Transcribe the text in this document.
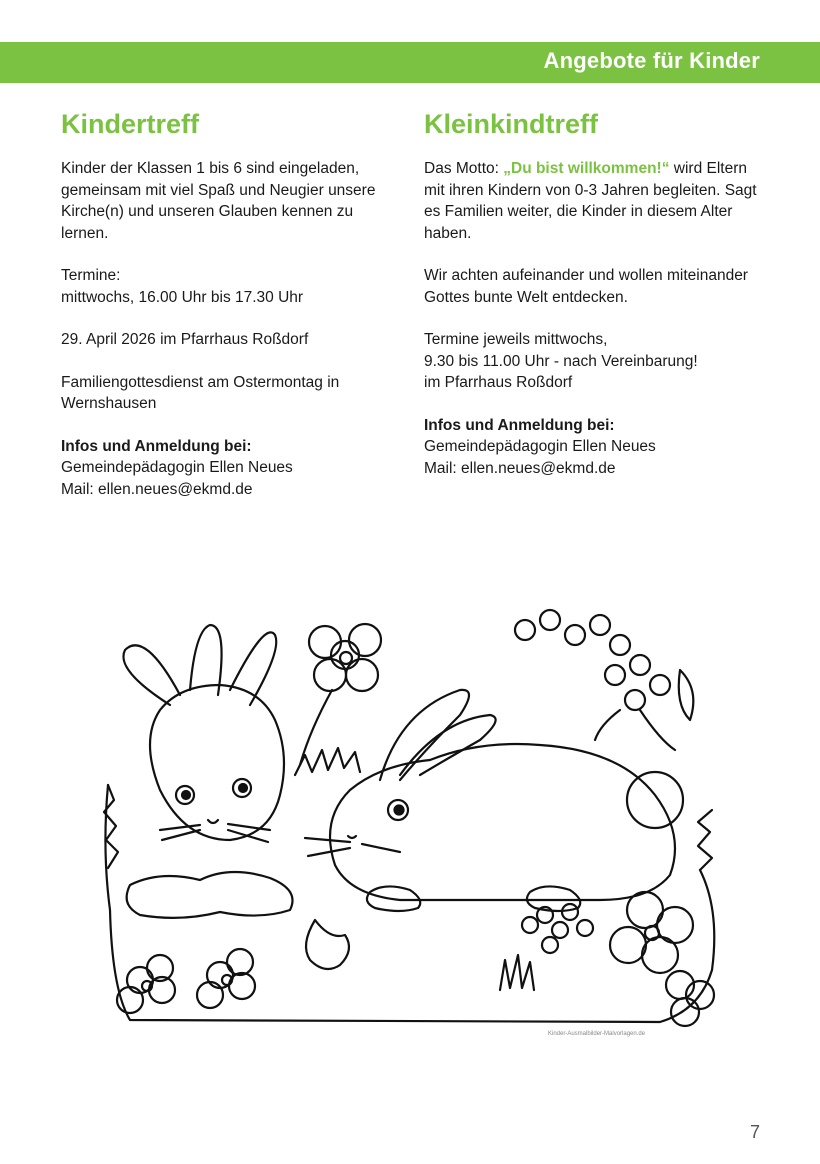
Angebote für Kinder
Kindertreff
Kinder der Klassen 1 bis 6 sind eingeladen, gemeinsam mit viel Spaß und Neugier unsere Kirche(n) und unseren Glauben kennen zu lernen.
Termine:
mittwochs, 16.00 Uhr bis 17.30 Uhr
29. April 2026 im Pfarrhaus Roßdorf
Familiengottesdienst am Ostermontag in Wernshausen
Infos und Anmeldung bei:
Gemeindepädagogin Ellen Neues
Mail: ellen.neues@ekmd.de
Kleinkindtreff
Das Motto: „Du bist willkommen!“ wird Eltern mit ihren Kindern von 0-3 Jahren begleiten. Sagt es Familien weiter, die Kinder in diesem Alter haben.
Wir achten aufeinander und wollen miteinander Gottes bunte Welt entdecken.
Termine jeweils mittwochs,
9.30 bis 11.00 Uhr - nach Vereinbarung!
im Pfarrhaus Roßdorf
Infos und Anmeldung bei:
Gemeindepädagogin Ellen Neues
Mail: ellen.neues@ekmd.de
Kinder-Ausmalbilder-Malvorlagen.de
7
